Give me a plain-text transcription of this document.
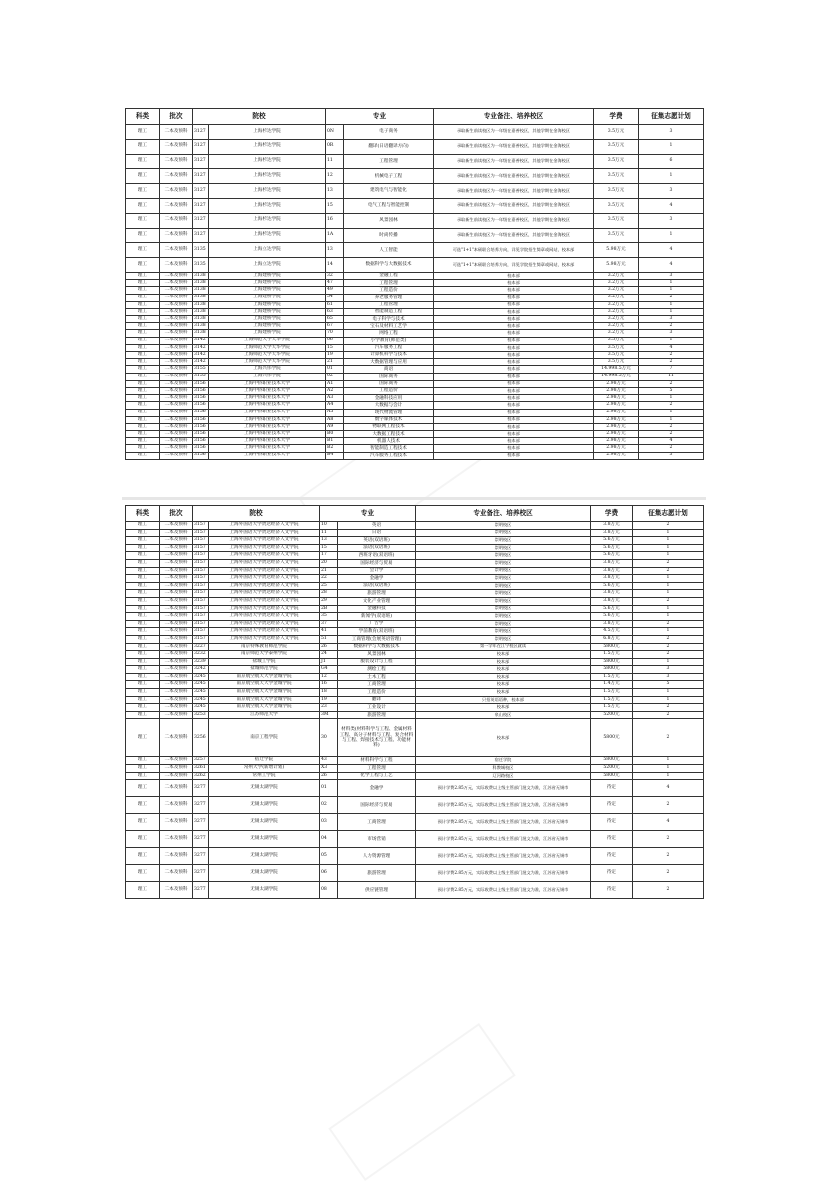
科类	批次	院校		专业		专业备注、培养校区	学费	征集志愿计划
理工	二本及预科	3127	上海杉达学院	0N	电子商务	录取新生前读校区为一年级在嘉善校区，其他学期在金海校区	3.5万元	3
理工	二本及预科	3127	上海杉达学院	0R	翻译(日语翻译方向)	录取新生前读校区为一年级在嘉善校区，其他学期在金海校区	3.5万元	1
理工	二本及预科	3127	上海杉达学院	11	工程管理	录取新生前读校区为一年级在嘉善校区，其他学期在金海校区	3.5万元	6
理工	二本及预科	3127	上海杉达学院	12	机械电子工程	录取新生前读校区为一年级在嘉善校区，其他学期在金海校区	3.5万元	1
理工	二本及预科	3127	上海杉达学院	13	建筑电气与智能化	录取新生前读校区为一年级在嘉善校区，其他学期在金海校区	3.5万元	3
理工	二本及预科	3127	上海杉达学院	15	电气工程与智能控制	录取新生前读校区为一年级在嘉善校区，其他学期在金海校区	3.5万元	4
理工	二本及预科	3127	上海杉达学院	16	风景园林	录取新生前读校区为一年级在嘉善校区，其他学期在金海校区	3.5万元	3
理工	二本及预科	3127	上海杉达学院	1A	时尚传播	录取新生前读校区为一年级在嘉善校区，其他学期在金海校区	3.5万元	1
理工	二本及预科	3135	上海立达学院	13	人工智能	可选"1+1"本硕联合培养方向，详见学院招生简章或网站，校本部	5.98万元	4
理工	二本及预科	3135	上海立达学院	14	数据科学与大数据技术	可选"1+1"本硕联合培养方向，详见学院招生简章或网站，校本部	5.98万元	4
理工	二本及预科	3138	上海建桥学院	32	金融工程	校本部	3.2万元	3
理工	二本及预科	3138	上海建桥学院	47	工程管理	校本部	3.2万元	1
理工	二本及预科	3138	上海建桥学院	49	工程造价	校本部	3.2万元	1
理工	二本及预科	3138	上海建桥学院	54	养老服务管理	校本部	3.2万元	2
理工	二本及预科	3138	上海建桥学院	61	工程管理	校本部	3.2万元	1
理工	二本及预科	3138	上海建桥学院	63	智能制造工程	校本部	3.2万元	1
理工	二本及预科	3138	上海建桥学院	65	电子科学与技术	校本部	3.2万元	3
理工	二本及预科	3138	上海建桥学院	67	宝石及材料工艺学	校本部	3.2万元	2
理工	二本及预科	3138	上海建桥学院	70	网络工程	校本部	3.2万元	3
理工	二本及预科	3142	上海师范大学天华学院	06	小学教育(师范类)	校本部	3.5万元	1
理工	二本及预科	3142	上海师范大学天华学院	15	汽车服务工程	校本部	3.5万元	4
理工	二本及预科	3142	上海师范大学天华学院	19	计算机科学与技术	校本部	3.5万元	2
理工	二本及预科	3142	上海师范大学天华学院	21	大数据管理与应用	校本部	3.5万元	2
理工	二本及预科	3155	上海兴伟学院	01	商语	校本部	14.998.5万元	7
理工	二本及预科	3155	上海兴伟学院	02	国际商务	校本部	14.998.5万元	11
理工	二本及预科	3156	上海中侨职业技术大学	A1	国际商务	校本部	2.98万元	2
理工	二本及预科	3156	上海中侨职业技术大学	A2	工程造价	校本部	2.98万元	5
理工	二本及预科	3156	上海中侨职业技术大学	A3	金融科技应用	校本部	2.98万元	1
理工	二本及预科	3156	上海中侨职业技术大学	A4	大数据与会计	校本部	2.98万元	2
理工	二本及预科	3156	上海中侨职业技术大学	A5	现代物流管理	校本部	2.98万元	1
理工	二本及预科	3156	上海中侨职业技术大学	A8	数字媒体技术	校本部	2.98万元	1
理工	二本及预科	3156	上海中侨职业技术大学	A9	物联网工程技术	校本部	2.98万元	2
理工	二本及预科	3156	上海中侨职业技术大学	B0	大数据工程技术	校本部	2.98万元	2
理工	二本及预科	3156	上海中侨职业技术大学	B1	机器人技术	校本部	2.98万元	4
理工	二本及预科	3156	上海中侨职业技术大学	B2	智能制造工程技术	校本部	2.98万元	2
理工	二本及预科	3156	上海中侨职业技术大学	B4	汽车服务工程技术	校本部	2.98万元	3
科类	批次	院校		专业		专业备注、培养校区	学费	征集志愿计划
理工	二本及预科	3157	上海外国语大学贤达经济人文学院	10	英语	崇明校区	3.8万元	2
理工	二本及预科	3157	上海外国语大学贤达经济人文学院	11	日语	崇明校区	3.8万元	1
理工	二本及预科	3157	上海外国语大学贤达经济人文学院	13	英语(双语班)	崇明校区	5.6万元	1
理工	二本及预科	3157	上海外国语大学贤达经济人文学院	15	法语(双语班)	崇明校区	5.6万元	1
理工	二本及预科	3157	上海外国语大学贤达经济人文学院	17	西班牙语(双语班)	崇明校区	5.6万元	1
理工	二本及预科	3157	上海外国语大学贤达经济人文学院	20	国际经济与贸易	崇明校区	3.8万元	2
理工	二本及预科	3157	上海外国语大学贤达经济人文学院	21	会计学	崇明校区	3.8万元	2
理工	二本及预科	3157	上海外国语大学贤达经济人文学院	22	金融学	崇明校区	3.8万元	1
理工	二本及预科	3157	上海外国语大学贤达经济人文学院	25	法语(双语班)	崇明校区	5.6万元	1
理工	二本及预科	3157	上海外国语大学贤达经济人文学院	28	旅游管理	崇明校区	3.8万元	1
理工	二本及预科	3157	上海外国语大学贤达经济人文学院	29	文化产业管理	崇明校区	3.8万元	2
理工	二本及预科	3157	上海外国语大学贤达经济人文学院	2B	金融科技	崇明校区	5.6万元	1
理工	二本及预科	3157	上海外国语大学贤达经济人文学院	35	新闻学(双语班)	崇明校区	5.6万元	1
理工	二本及预科	3157	上海外国语大学贤达经济人文学院	37	广告学	崇明校区	3.8万元	2
理工	二本及预科	3157	上海外国语大学贤达经济人文学院	41	学前教育(双语班)	崇明校区	4.5万元	1
理工	二本及预科	3157	上海外国语大学贤达经济人文学院	51	工商管理(会展英语管理)	崇明校区	6.8万元	2
理工	二本及预科	3227	南京特殊教育师范学院	26	数据科学与大数据技术	第一学年在江宁校区就读	5800元	2
理工	二本及预科	3232	南京师范大学泰州学院	24	风景园林	校本部	1.5万元	2
理工	二本及预科	3239	盐城工学院	J1	服装设计与工程	校本部	5800元	1
理工	二本及预科	3242	盐城师范学院	G4	测绘工程	校本部	5800元	3
理工	二本及预科	3245	南京航空航天大学金城学院	12	土木工程	校本部	1.5万元	3
理工	二本及预科	3245	南京航空航天大学金城学院	16	工商管理	校本部	1.4万元	5
理工	二本及预科	3245	南京航空航天大学金城学院	18	工程造价	校本部	1.5万元	1
理工	二本及预科	3245	南京航空航天大学金城学院	19	翻译	只招英语语种，校本部	1.5万元	1
理工	二本及预科	3245	南京航空航天大学金城学院	23	工业设计	校本部	1.5万元	2
理工	二本及预科	3253	江苏师范大学	3M	旅游管理	泉山校区	5200元	2
理工	二本及预科	3256	南京工程学院	30	材料类(材料科学与工程、金属材料工程、高分子材料与工程、复合材料与工程、焊接技术与工程、功能材料)	校本部	5800元	2
理工	二本及预科	3257	宿迁学院	43	材料科学与工程	宿迁学院	5800元	1
理工	二本及预科	3261	常州大学(新增计划)	X3	工程管理	科教城校区	5200元	1
理工	二本及预科	3262	常州工学院	26	化学工程与工艺	辽河路校区	5800元	1
理工	二本及预科	3277	无锡太湖学院	01	金融学	预计学费2.85万元，实际收费以上级主管部门批文为准，江苏省无锡市	待定	4
理工	二本及预科	3277	无锡太湖学院	02	国际经济与贸易	预计学费2.85万元，实际收费以上级主管部门批文为准，江苏省无锡市	待定	2
理工	二本及预科	3277	无锡太湖学院	03	工商管理	预计学费2.85万元，实际收费以上级主管部门批文为准，江苏省无锡市	待定	4
理工	二本及预科	3277	无锡太湖学院	04	市场营销	预计学费2.85万元，实际收费以上级主管部门批文为准，江苏省无锡市	待定	2
理工	二本及预科	3277	无锡太湖学院	05	人力资源管理	预计学费2.85万元，实际收费以上级主管部门批文为准，江苏省无锡市	待定	2
理工	二本及预科	3277	无锡太湖学院	06	旅游管理	预计学费2.85万元，实际收费以上级主管部门批文为准，江苏省无锡市	待定	2
理工	二本及预科	3277	无锡太湖学院	08	供应链管理	预计学费2.85万元，实际收费以上级主管部门批文为准，江苏省无锡市	待定	2
